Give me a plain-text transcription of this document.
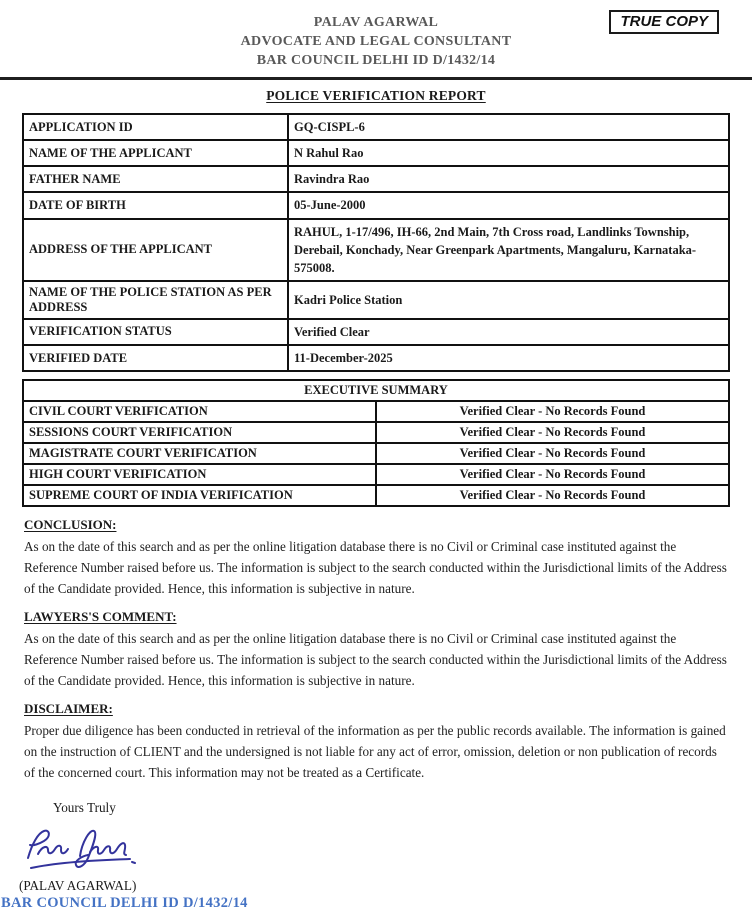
TRUE COPY
PALAV AGARWAL
ADVOCATE AND LEGAL CONSULTANT
BAR COUNCIL DELHI ID D/1432/14
POLICE VERIFICATION REPORT
APPLICATION ID	GQ-CISPL-6
NAME OF THE APPLICANT	N Rahul Rao
FATHER NAME	Ravindra Rao
DATE OF BIRTH	05-June-2000
ADDRESS OF THE APPLICANT	RAHUL, 1-17/496, IH-66, 2nd Main, 7th Cross road, Landlinks Township, Derebail, Konchady, Near Greenpark Apartments, Mangaluru, Karnataka-575008.
NAME OF THE POLICE STATION AS PER ADDRESS	Kadri Police Station
VERIFICATION STATUS	Verified Clear
VERIFIED DATE	11-December-2025
EXECUTIVE SUMMARY	
CIVIL COURT VERIFICATION	Verified Clear - No Records Found
SESSIONS COURT VERIFICATION	Verified Clear - No Records Found
MAGISTRATE COURT VERIFICATION	Verified Clear - No Records Found
HIGH COURT VERIFICATION	Verified Clear - No Records Found
SUPREME COURT OF INDIA VERIFICATION	Verified Clear - No Records Found
CONCLUSION:
As on the date of this search and as per the online litigation database there is no Civil or Criminal case instituted against the Reference Number raised before us. The information is subject to the search conducted within the Jurisdictional limits of the Address of the Candidate provided. Hence, this information is subjective in nature.
LAWYERS'S COMMENT:
As on the date of this search and as per the online litigation database there is no Civil or Criminal case instituted against the Reference Number raised before us. The information is subject to the search conducted within the Jurisdictional limits of the Address of the Candidate provided. Hence, this information is subjective in nature.
DISCLAIMER:
Proper due diligence has been conducted in retrieval of the information as per the public records available. The information is gained on the instruction of CLIENT and the undersigned is not liable for any act of error, omission, deletion or non publication of records of the concerned court. This information may not be treated as a Certificate.
Yours Truly
(PALAV AGARWAL)
BAR COUNCIL DELHI ID D/1432/14
